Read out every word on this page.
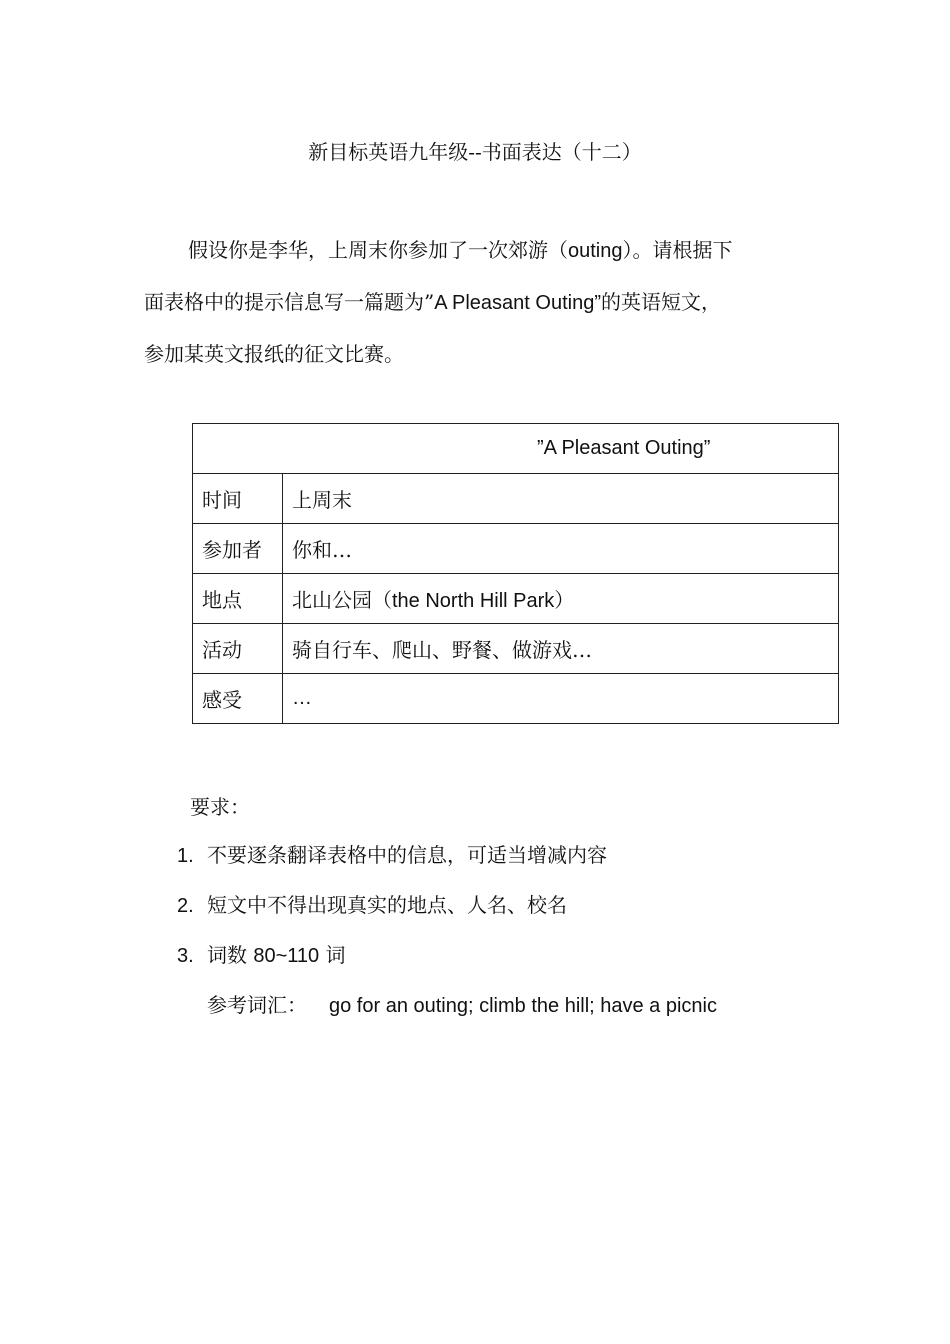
新目标英语九年级--书面表达（十二）
假设你是李华，上周末你参加了一次郊游（outing）。请根据下
面表格中的提示信息写一篇题为”A Pleasant Outing”的英语短文，
参加某英文报纸的征文比赛。
”A Pleasant Outing”	
时间	上周末
参加者	你和…
地点	北山公园（the North Hill Park）
活动	骑自行车、爬山、野餐、做游戏…
感受	…
要求：
1. 不要逐条翻译表格中的信息，可适当增减内容
2. 短文中不得出现真实的地点、人名、校名
3. 词数 80~110 词
参考词汇： go for an outing; climb the hill; have a picnic
